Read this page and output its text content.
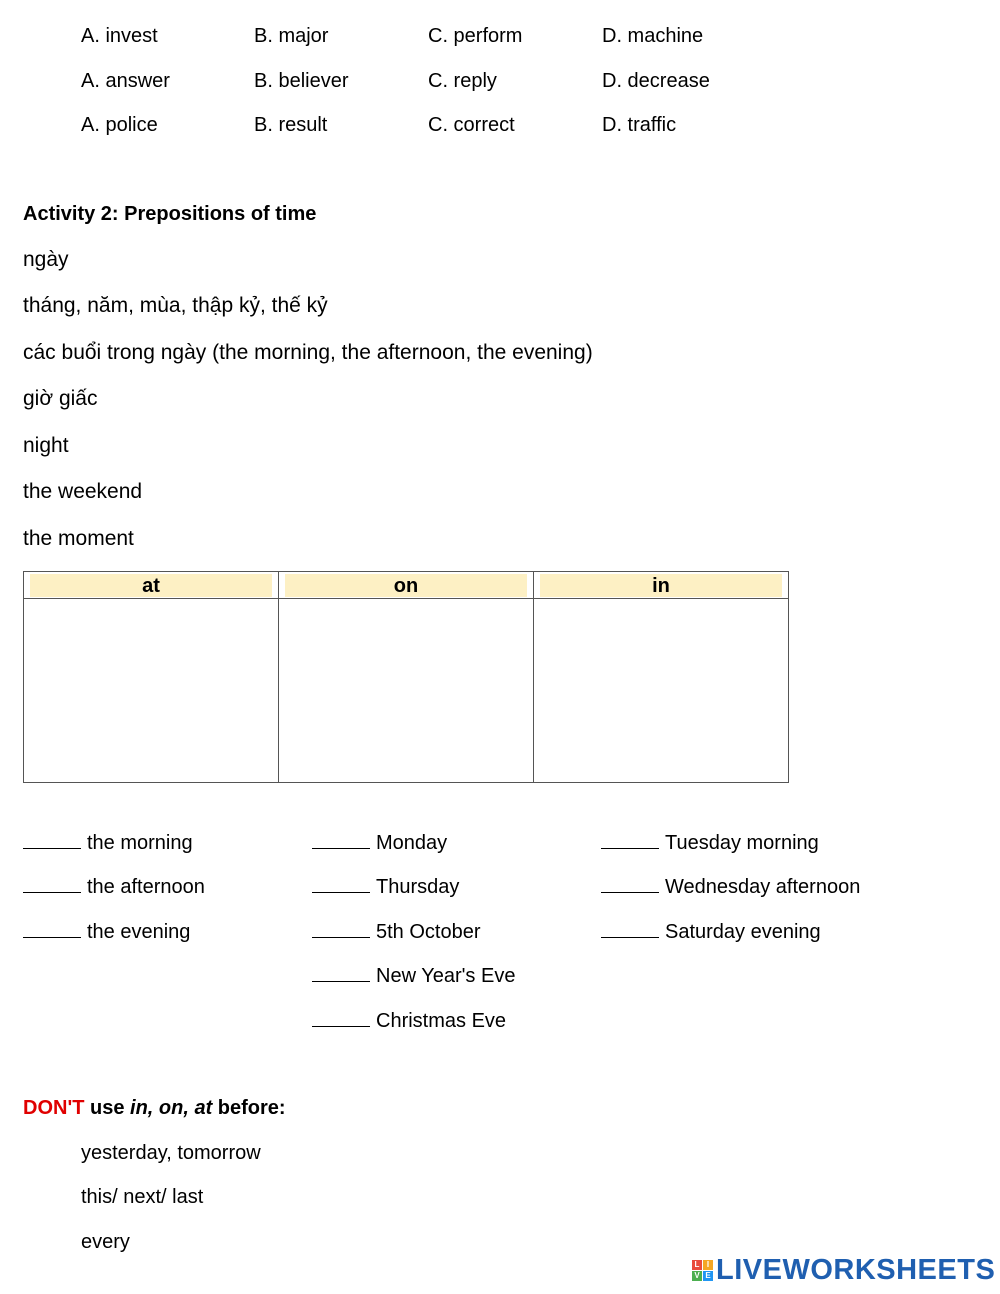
A. invest	B. major	C. perform	D. machine
A. answer	B. believer	C. reply	D. decrease
A. police	B. result	C. correct	D. traffic
Activity 2: Prepositions of time
ngày
tháng, năm, mùa, thập kỷ, thế kỷ
các buổi trong ngày (the morning, the afternoon, the evening)
giờ giấc
night
the weekend
the moment
at	on	in

the morning
the afternoon
the evening
Monday
Thursday
5th October
New Year's Eve
Christmas Eve
Tuesday morning
Wednesday afternoon
Saturday evening
DON'T use in, on, at before:
yesterday, tomorrow
this/ next/ last
every
L I
V E LIVEWORKSHEETS
